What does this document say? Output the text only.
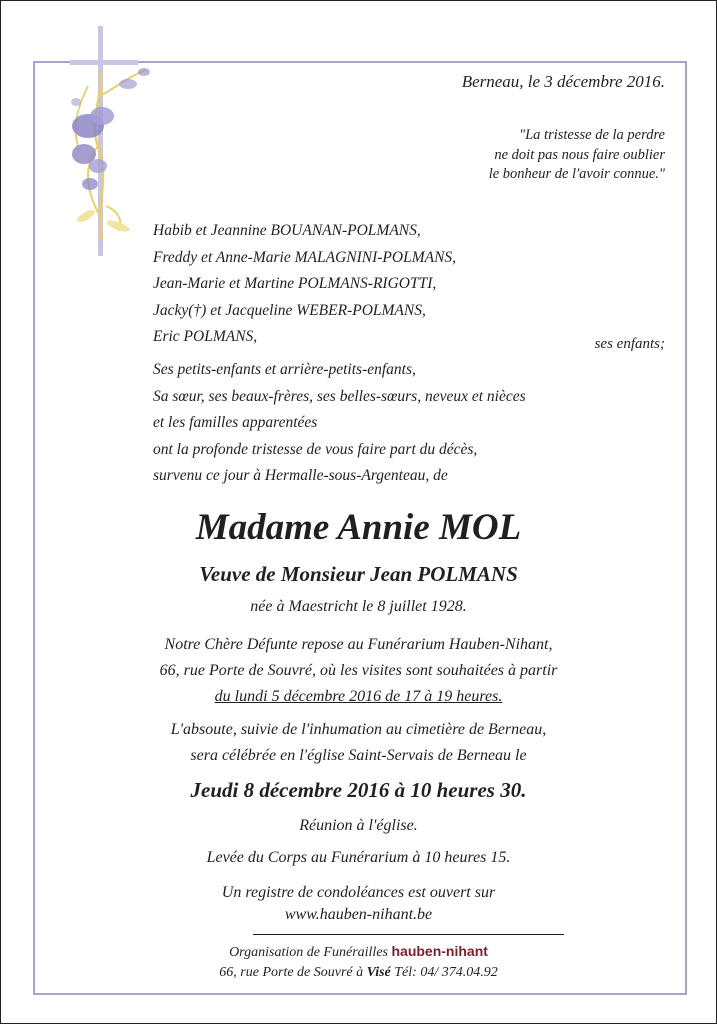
Berneau, le 3 décembre 2016.
"La tristesse de la perdre
ne doit pas nous faire oublier
le bonheur de l'avoir connue."
Habib et Jeannine BOUANAN-POLMANS,
Freddy et Anne-Marie MALAGNINI-POLMANS,
Jean-Marie et Martine POLMANS-RIGOTTI,
Jacky(†) et Jacqueline WEBER-POLMANS,
Eric POLMANS,	ses enfants;
Ses petits-enfants et arrière-petits-enfants,
Sa sœur, ses beaux-frères, ses belles-sœurs, neveux et nièces
et les familles apparentées
ont la profonde tristesse de vous faire part du décès,
survenu ce jour à Hermalle-sous-Argenteau, de
Madame Annie MOL
Veuve de Monsieur Jean POLMANS
née à Maestricht le 8 juillet 1928.
Notre Chère Défunte repose au Funérarium Hauben-Nihant,
66, rue Porte de Souvré, où les visites sont souhaitées à partir
du lundi 5 décembre 2016 de 17 à 19 heures.
L'absoute, suivie de l'inhumation au cimetière de Berneau,
sera célébrée en l'église Saint-Servais de Berneau le
Jeudi 8 décembre 2016 à 10 heures 30.
Réunion à l'église.
Levée du Corps au Funérarium à 10 heures 15.
Un registre de condoléances est ouvert sur
www.hauben-nihant.be
Organisation de Funérailles hauben-nihant
66, rue Porte de Souvré à Visé Tél: 04/ 374.04.92
